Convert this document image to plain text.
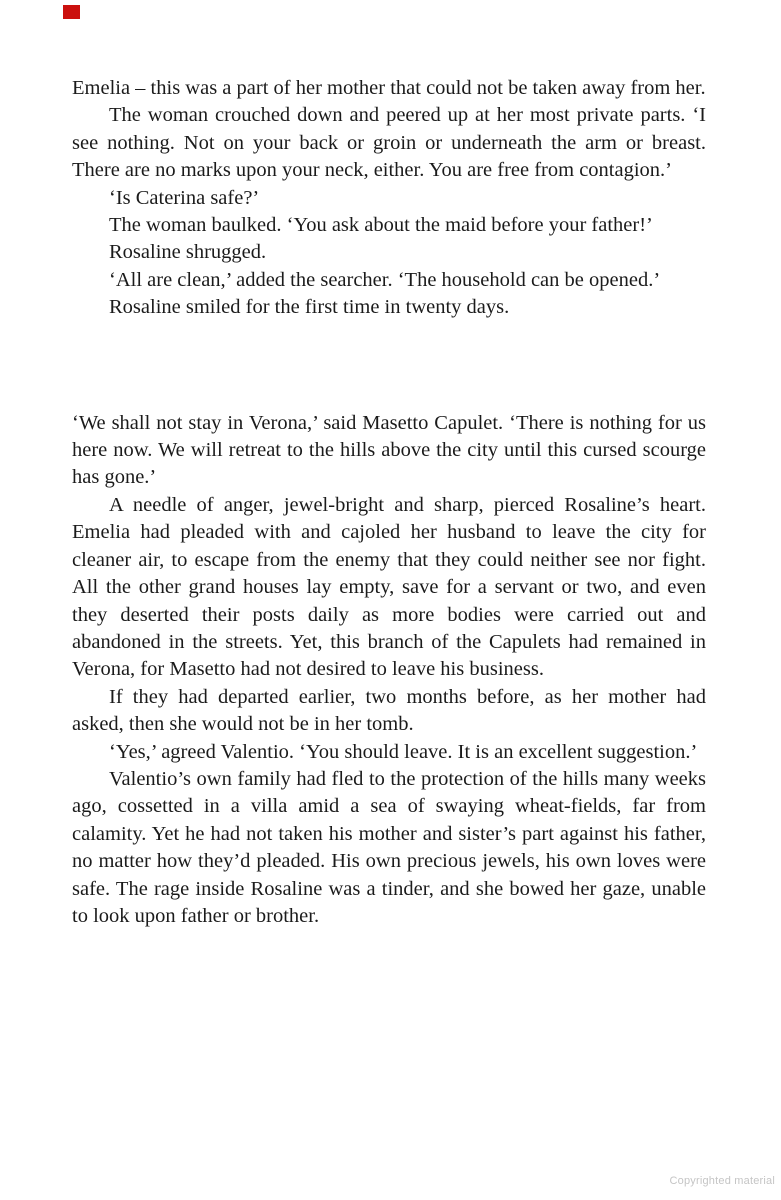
Emelia – this was a part of her mother that could not be taken away from her.

The woman crouched down and peered up at her most private parts. ‘I see nothing. Not on your back or groin or underneath the arm or breast. There are no marks upon your neck, either. You are free from contagion.’

‘Is Caterina safe?’

The woman baulked. ‘You ask about the maid before your father!’

Rosaline shrugged.

‘All are clean,’ added the searcher. ‘The household can be opened.’

Rosaline smiled for the first time in twenty days.

‘We shall not stay in Verona,’ said Masetto Capulet. ‘There is nothing for us here now. We will retreat to the hills above the city until this cursed scourge has gone.’

A needle of anger, jewel-bright and sharp, pierced Rosaline’s heart. Emelia had pleaded with and cajoled her husband to leave the city for cleaner air, to escape from the enemy that they could neither see nor fight. All the other grand houses lay empty, save for a servant or two, and even they deserted their posts daily as more bodies were carried out and abandoned in the streets. Yet, this branch of the Capulets had remained in Verona, for Masetto had not desired to leave his business.

If they had departed earlier, two months before, as her mother had asked, then she would not be in her tomb.

‘Yes,’ agreed Valentio. ‘You should leave. It is an excellent suggestion.’

Valentio’s own family had fled to the protection of the hills many weeks ago, cossetted in a villa amid a sea of swaying wheat-fields, far from calamity. Yet he had not taken his mother and sister’s part against his father, no matter how they’d pleaded. His own precious jewels, his own loves were safe. The rage inside Rosaline was a tinder, and she bowed her gaze, unable to look upon father or brother.

Copyrighted material
